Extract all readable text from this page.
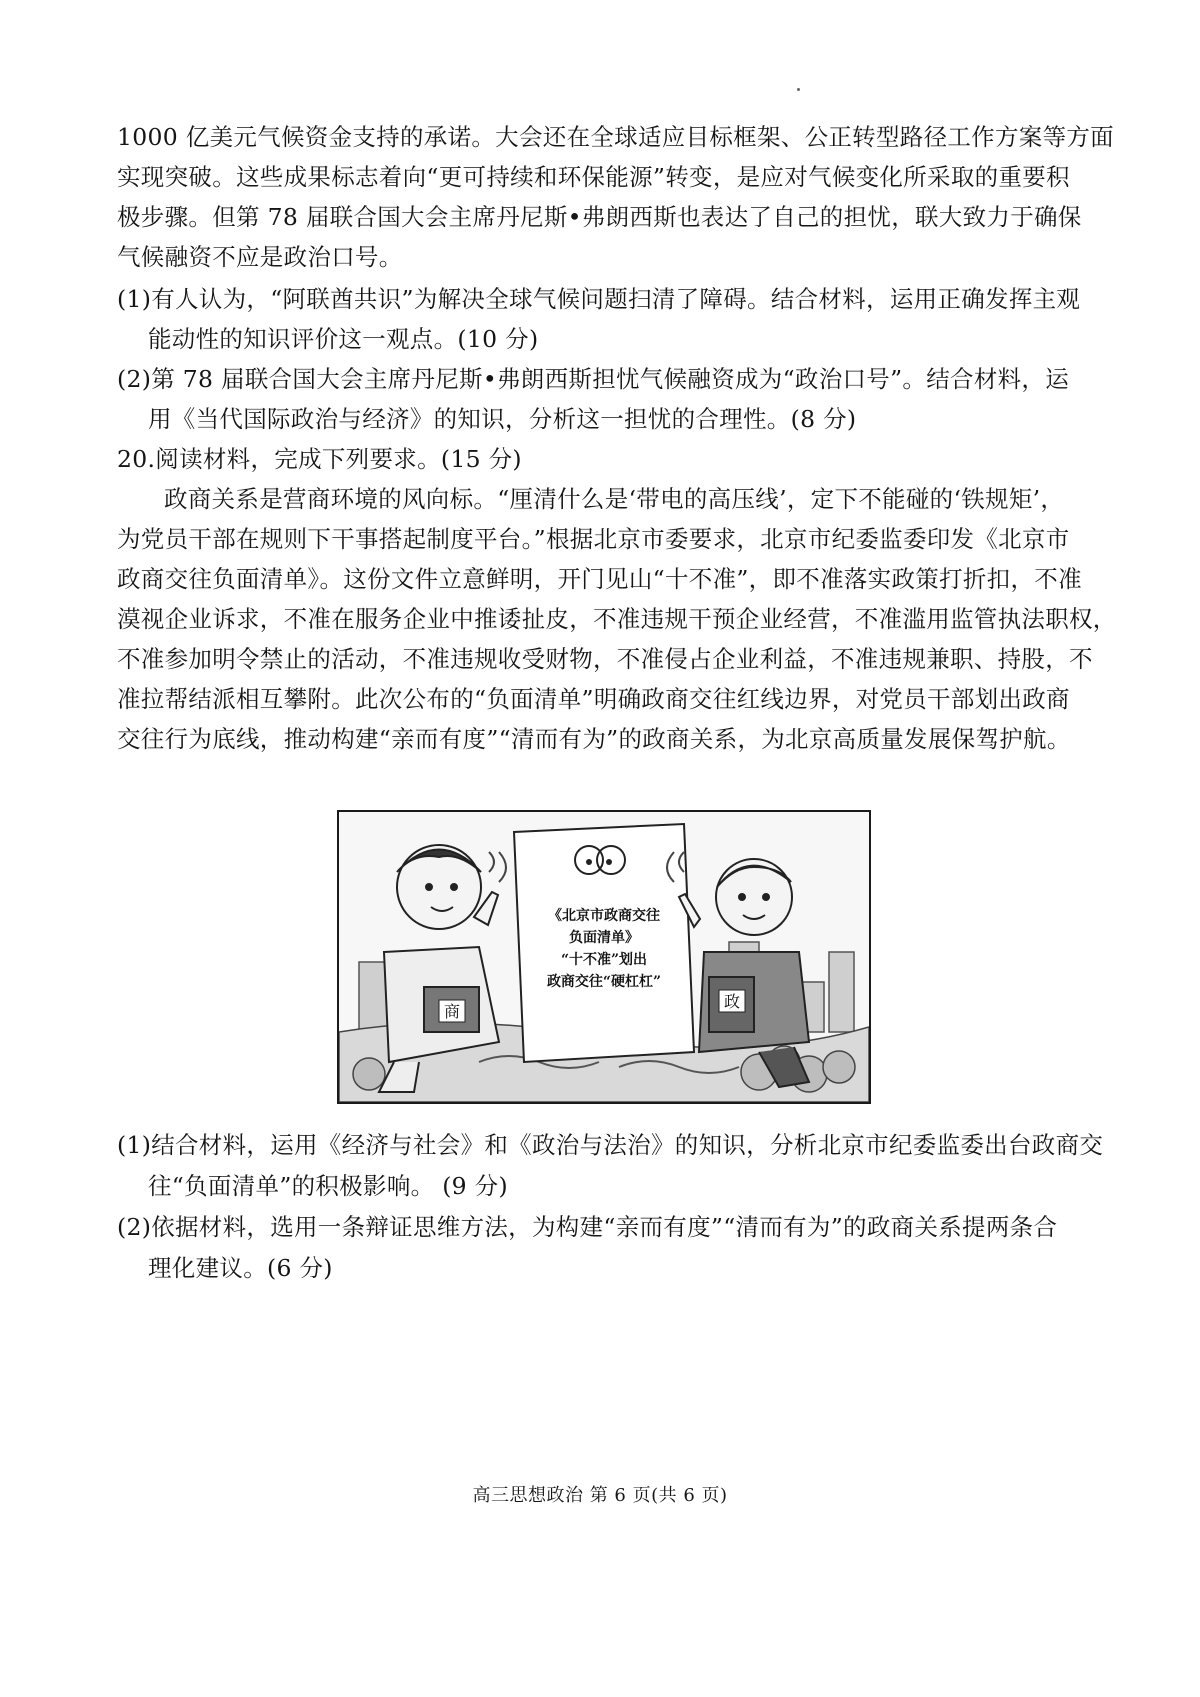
1000 亿美元气候资金支持的承诺。大会还在全球适应目标框架、公正转型路径工作方案等方面
实现突破。这些成果标志着向“更可持续和环保能源”转变，是应对气候变化所采取的重要积
极步骤。但第 78 届联合国大会主席丹尼斯•弗朗西斯也表达了自己的担忧，联大致力于确保
气候融资不应是政治口号。
(1)有人认为，“阿联酋共识”为解决全球气候问题扫清了障碍。结合材料，运用正确发挥主观
能动性的知识评价这一观点。(10 分)
(2)第 78 届联合国大会主席丹尼斯•弗朗西斯担忧气候融资成为“政治口号”。结合材料，运
用《当代国际政治与经济》的知识，分析这一担忧的合理性。(8 分)
20.阅读材料，完成下列要求。(15 分)
政商关系是营商环境的风向标。“厘清什么是‘带电的高压线’，定下不能碰的‘铁规矩’，
为党员干部在规则下干事搭起制度平台。”根据北京市委要求，北京市纪委监委印发《北京市
政商交往负面清单》。这份文件立意鲜明，开门见山“十不准”，即不准落实政策打折扣，不准
漠视企业诉求，不准在服务企业中推诿扯皮，不准违规干预企业经营，不准滥用监管执法职权，
不准参加明令禁止的活动，不准违规收受财物，不准侵占企业利益，不准违规兼职、持股，不
准拉帮结派相互攀附。此次公布的“负面清单”明确政商交往红线边界，对党员干部划出政商
交往行为底线，推动构建“亲而有度”“清而有为”的政商关系，为北京高质量发展保驾护航。
商
《北京市政商交往
负面清单》
“十不准”划出
政商交往“硬杠杠”
政
(1)结合材料，运用《经济与社会》和《政治与法治》的知识，分析北京市纪委监委出台政商交
往“负面清单”的积极影响。 (9 分)
(2)依据材料，选用一条辩证思维方法，为构建“亲而有度”“清而有为”的政商关系提两条合
理化建议。(6 分)
高三思想政治 第 6 页(共 6 页)
